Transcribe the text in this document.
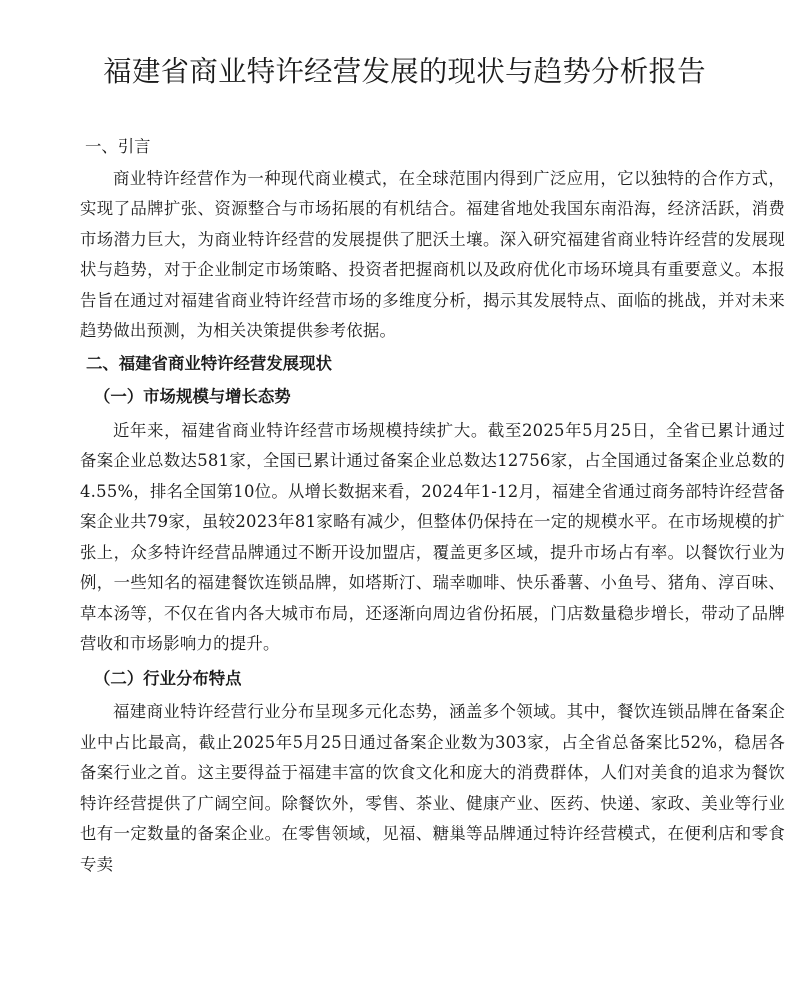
福建省商业特许经营发展的现状与趋势分析报告

一、引言

商业特许经营作为一种现代商业模式，在全球范围内得到广泛应用，它以独特的合作方式，实现了品牌扩张、资源整合与市场拓展的有机结合。福建省地处我国东南沿海，经济活跃，消费市场潜力巨大，为商业特许经营的发展提供了肥沃土壤。深入研究福建省商业特许经营的发展现状与趋势，对于企业制定市场策略、投资者把握商机以及政府优化市场环境具有重要意义。本报告旨在通过对福建省商业特许经营市场的多维度分析，揭示其发展特点、面临的挑战，并对未来趋势做出预测，为相关决策提供参考依据。

二、福建省商业特许经营发展现状

（一）市场规模与增长态势

近年来，福建省商业特许经营市场规模持续扩大。截至2025年5月25日，全省已累计通过备案企业总数达581家，全国已累计通过备案企业总数达12756家，占全国通过备案企业总数的4.55%，排名全国第10位。从增长数据来看，2024年1-12月，福建全省通过商务部特许经营备案企业共79家，虽较2023年81家略有减少，但整体仍保持在一定的规模水平。在市场规模的扩张上，众多特许经营品牌通过不断开设加盟店，覆盖更多区域，提升市场占有率。以餐饮行业为例，一些知名的福建餐饮连锁品牌，如塔斯汀、瑞幸咖啡、快乐番薯、小鱼号、猪角、淳百味、草本汤等，不仅在省内各大城市布局，还逐渐向周边省份拓展，门店数量稳步增长，带动了品牌营收和市场影响力的提升。

（二）行业分布特点

福建商业特许经营行业分布呈现多元化态势，涵盖多个领域。其中，餐饮连锁品牌在备案企业中占比最高，截止2025年5月25日通过备案企业数为303家，占全省总备案比52%，稳居各备案行业之首。这主要得益于福建丰富的饮食文化和庞大的消费群体，人们对美食的追求为餐饮特许经营提供了广阔空间。除餐饮外，零售、茶业、健康产业、医药、快递、家政、美业等行业也有一定数量的备案企业。在零售领域，见福、糖巢等品牌通过特许经营模式，在便利店和零食专卖
